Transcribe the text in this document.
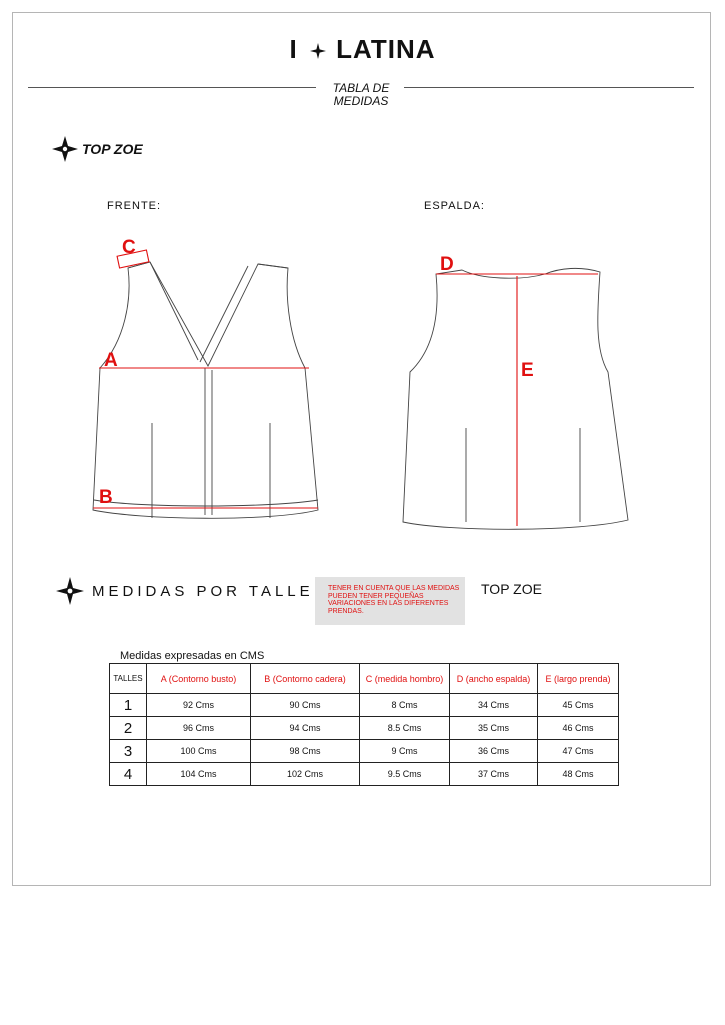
I LATINA
TABLA DE MEDIDAS
TOP ZOE
FRENTE:	ESPALDA:
C
A
B
D
E
MEDIDAS POR TALLE	TENER EN CUENTA QUE LAS MEDIDAS PUEDEN TENER PEQUEÑAS VARIACIONES EN LAS DIFERENTES PRENDAS.
TOP ZOE
Medidas expresadas en CMS
TALLES	A (Contorno busto)	B (Contorno cadera)	C (medida hombro)	D (ancho espalda)	E (largo prenda)
1	92 Cms	90 Cms	8 Cms	34 Cms	45 Cms
2	96 Cms	94 Cms	8.5 Cms	35 Cms	46 Cms
3	100 Cms	98 Cms	9 Cms	36 Cms	47 Cms
4	104 Cms	102 Cms	9.5 Cms	37 Cms	48 Cms
